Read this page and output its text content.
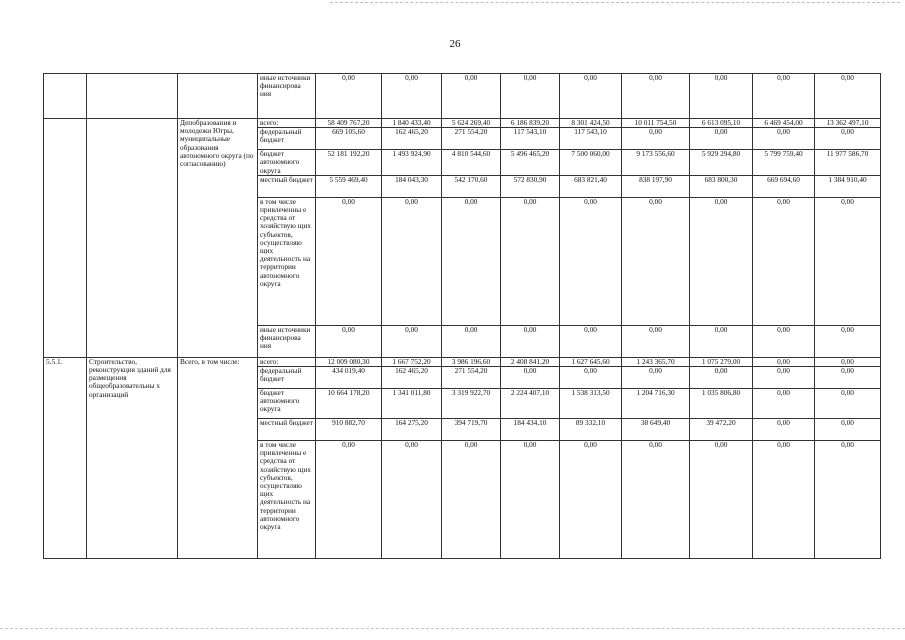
26
			иные источники финансирова ния	0,00	0,00	0,00	0,00	0,00	0,00	0,00	0,00	0,00
		Депобразования и молодежи Югры, муниципальные образования автономного округа (по согласованию)	всего:	58 409 767,20	1 840 433,40	5 624 269,40	6 186 839,20	8 301 424,50	10 011 754,50	6 613 095,10	6 469 454,00	13 362 497,10
			федеральный бюджет	669 105,60	162 465,20	271 554,20	117 543,10	117 543,10	0,00	0,00	0,00	0,00
			бюджет автономного округа	52 181 192,20	1 493 924,90	4 810 544,60	5 496 465,20	7 500 060,00	9 173 556,60	5 929 294,80	5 799 759,40	11 977 586,70
			местный бюджет	5 559 469,40	184 043,30	542 170,60	572 830,90	683 821,40	838 197,90	683 800,30	669 694,60	1 384 910,40
			в том числе привлеченны е средства от хозяйствую щих субъектов, осуществляю щих деятельность на территории автономного округа	0,00	0,00	0,00	0,00	0,00	0,00	0,00	0,00	0,00
			иные источники финансирова ния	0,00	0,00	0,00	0,00	0,00	0,00	0,00	0,00	0,00
5.5.1.	Строительство, реконструкция зданий для размещения общеобразовательны х организаций	Всего, в том числе:	всего:	12 009 080,30	1 667 752,20	3 986 196,60	2 408 841,20	1 627 645,60	1 243 365,70	1 075 279,00	0,00	0,00
			федеральный бюджет	434 019,40	162 465,20	271 554,20	0,00	0,00	0,00	0,00	0,00	0,00
			бюджет автономного округа	10 664 178,20	1 341 011,80	3 319 922,70	2 224 407,10	1 538 313,50	1 204 716,30	1 035 806,80	0,00	0,00
			местный бюджет	910 882,70	164 275,20	394 719,70	184 434,10	89 332,10	38 649,40	39 472,20	0,00	0,00
			в том числе привлеченны е средства от хозяйствую щих субъектов, осуществляю щих деятельность на территории автономного округа	0,00	0,00	0,00	0,00	0,00	0,00	0,00	0,00	0,00
